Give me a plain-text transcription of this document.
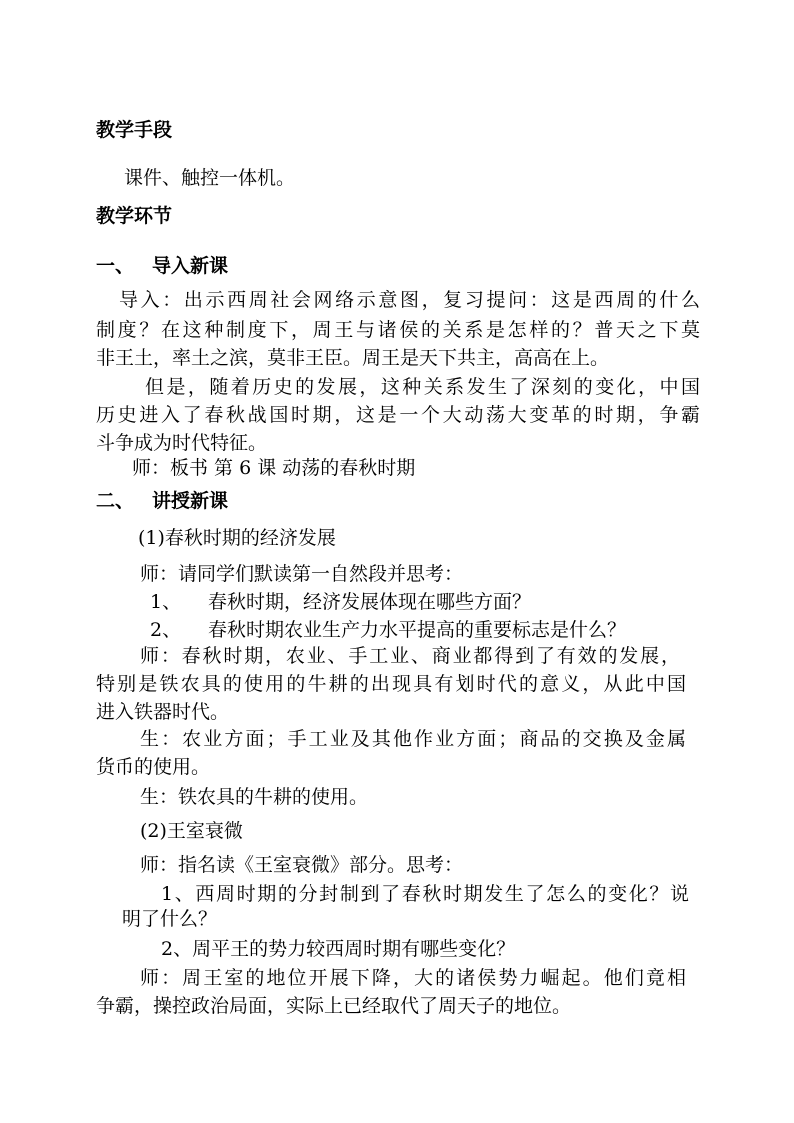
教学手段
课件、触控一体机。
教学环节
一、 导入新课
导入：出示西周社会网络示意图，复习提问：这是西周的什么
制度？在这种制度下，周王与诸侯的关系是怎样的？普天之下莫
非王土，率土之滨，莫非王臣。周王是天下共主，高高在上。
但是，随着历史的发展，这种关系发生了深刻的变化，中国
历史进入了春秋战国时期，这是一个大动荡大变革的时期，争霸
斗争成为时代特征。
师：板书 第 6 课 动荡的春秋时期
二、 讲授新课
(1)春秋时期的经济发展
师：请同学们默读第一自然段并思考：
1、 春秋时期，经济发展体现在哪些方面？
2、 春秋时期农业生产力水平提高的重要标志是什么？
师：春秋时期，农业、手工业、商业都得到了有效的发展，
特别是铁农具的使用的牛耕的出现具有划时代的意义，从此中国
进入铁器时代。
生：农业方面；手工业及其他作业方面；商品的交换及金属
货币的使用。
生：铁农具的牛耕的使用。
(2)王室衰微
师：指名读《王室衰微》部分。思考：
1、西周时期的分封制到了春秋时期发生了怎么的变化？说
明了什么？
2、周平王的势力较西周时期有哪些变化？
师：周王室的地位开展下降，大的诸侯势力崛起。他们竟相
争霸，操控政治局面，实际上已经取代了周天子的地位。
